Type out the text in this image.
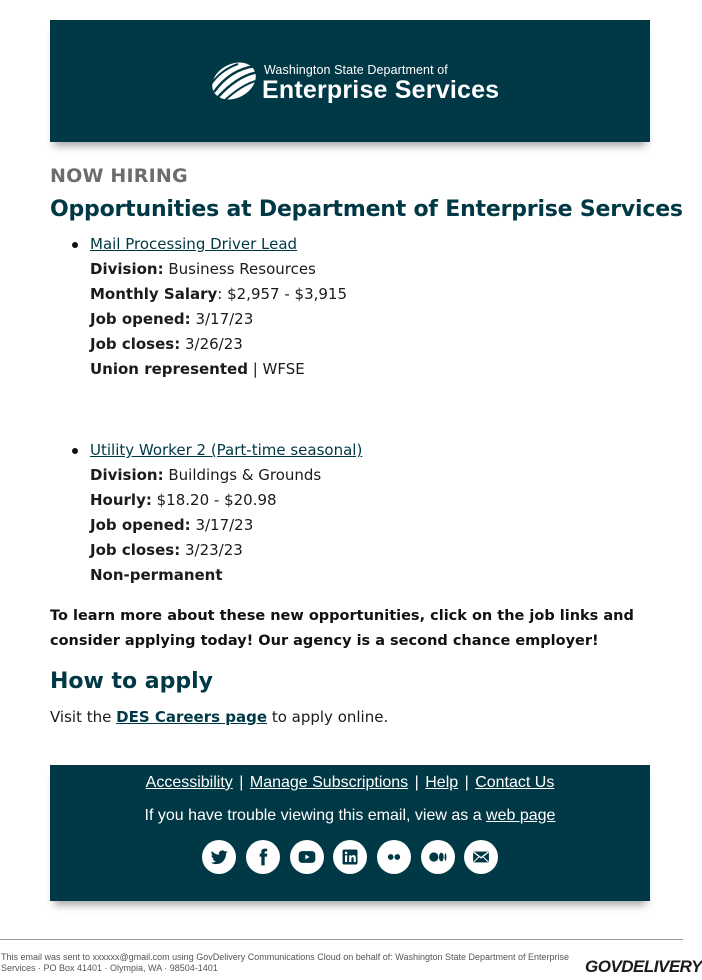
Washington State Department of
Enterprise Services
NOW HIRING
Opportunities at Department of Enterprise Services
Mail Processing Driver Lead
Division: Business Resources
Monthly Salary: $2,957 - $3,915
Job opened: 3/17/23
Job closes: 3/26/23
Union represented | WFSE
Utility Worker 2 (Part-time seasonal)
Division: Buildings & Grounds
Hourly: $18.20 - $20.98
Job opened: 3/17/23
Job closes: 3/23/23
Non-permanent
To learn more about these new opportunities, click on the job links and consider applying today! Our agency is a second chance employer!
How to apply
Visit the DES Careers page to apply online.
Accessibility | Manage Subscriptions | Help | Contact Us
If you have trouble viewing this email, view as a web page
This email was sent to xxxxxx@gmail.com using GovDelivery Communications Cloud on behalf of: Washington State Department of Enterprise Services · PO Box 41401 · Olympia, WA · 98504-1401	GOVDELIVERY
